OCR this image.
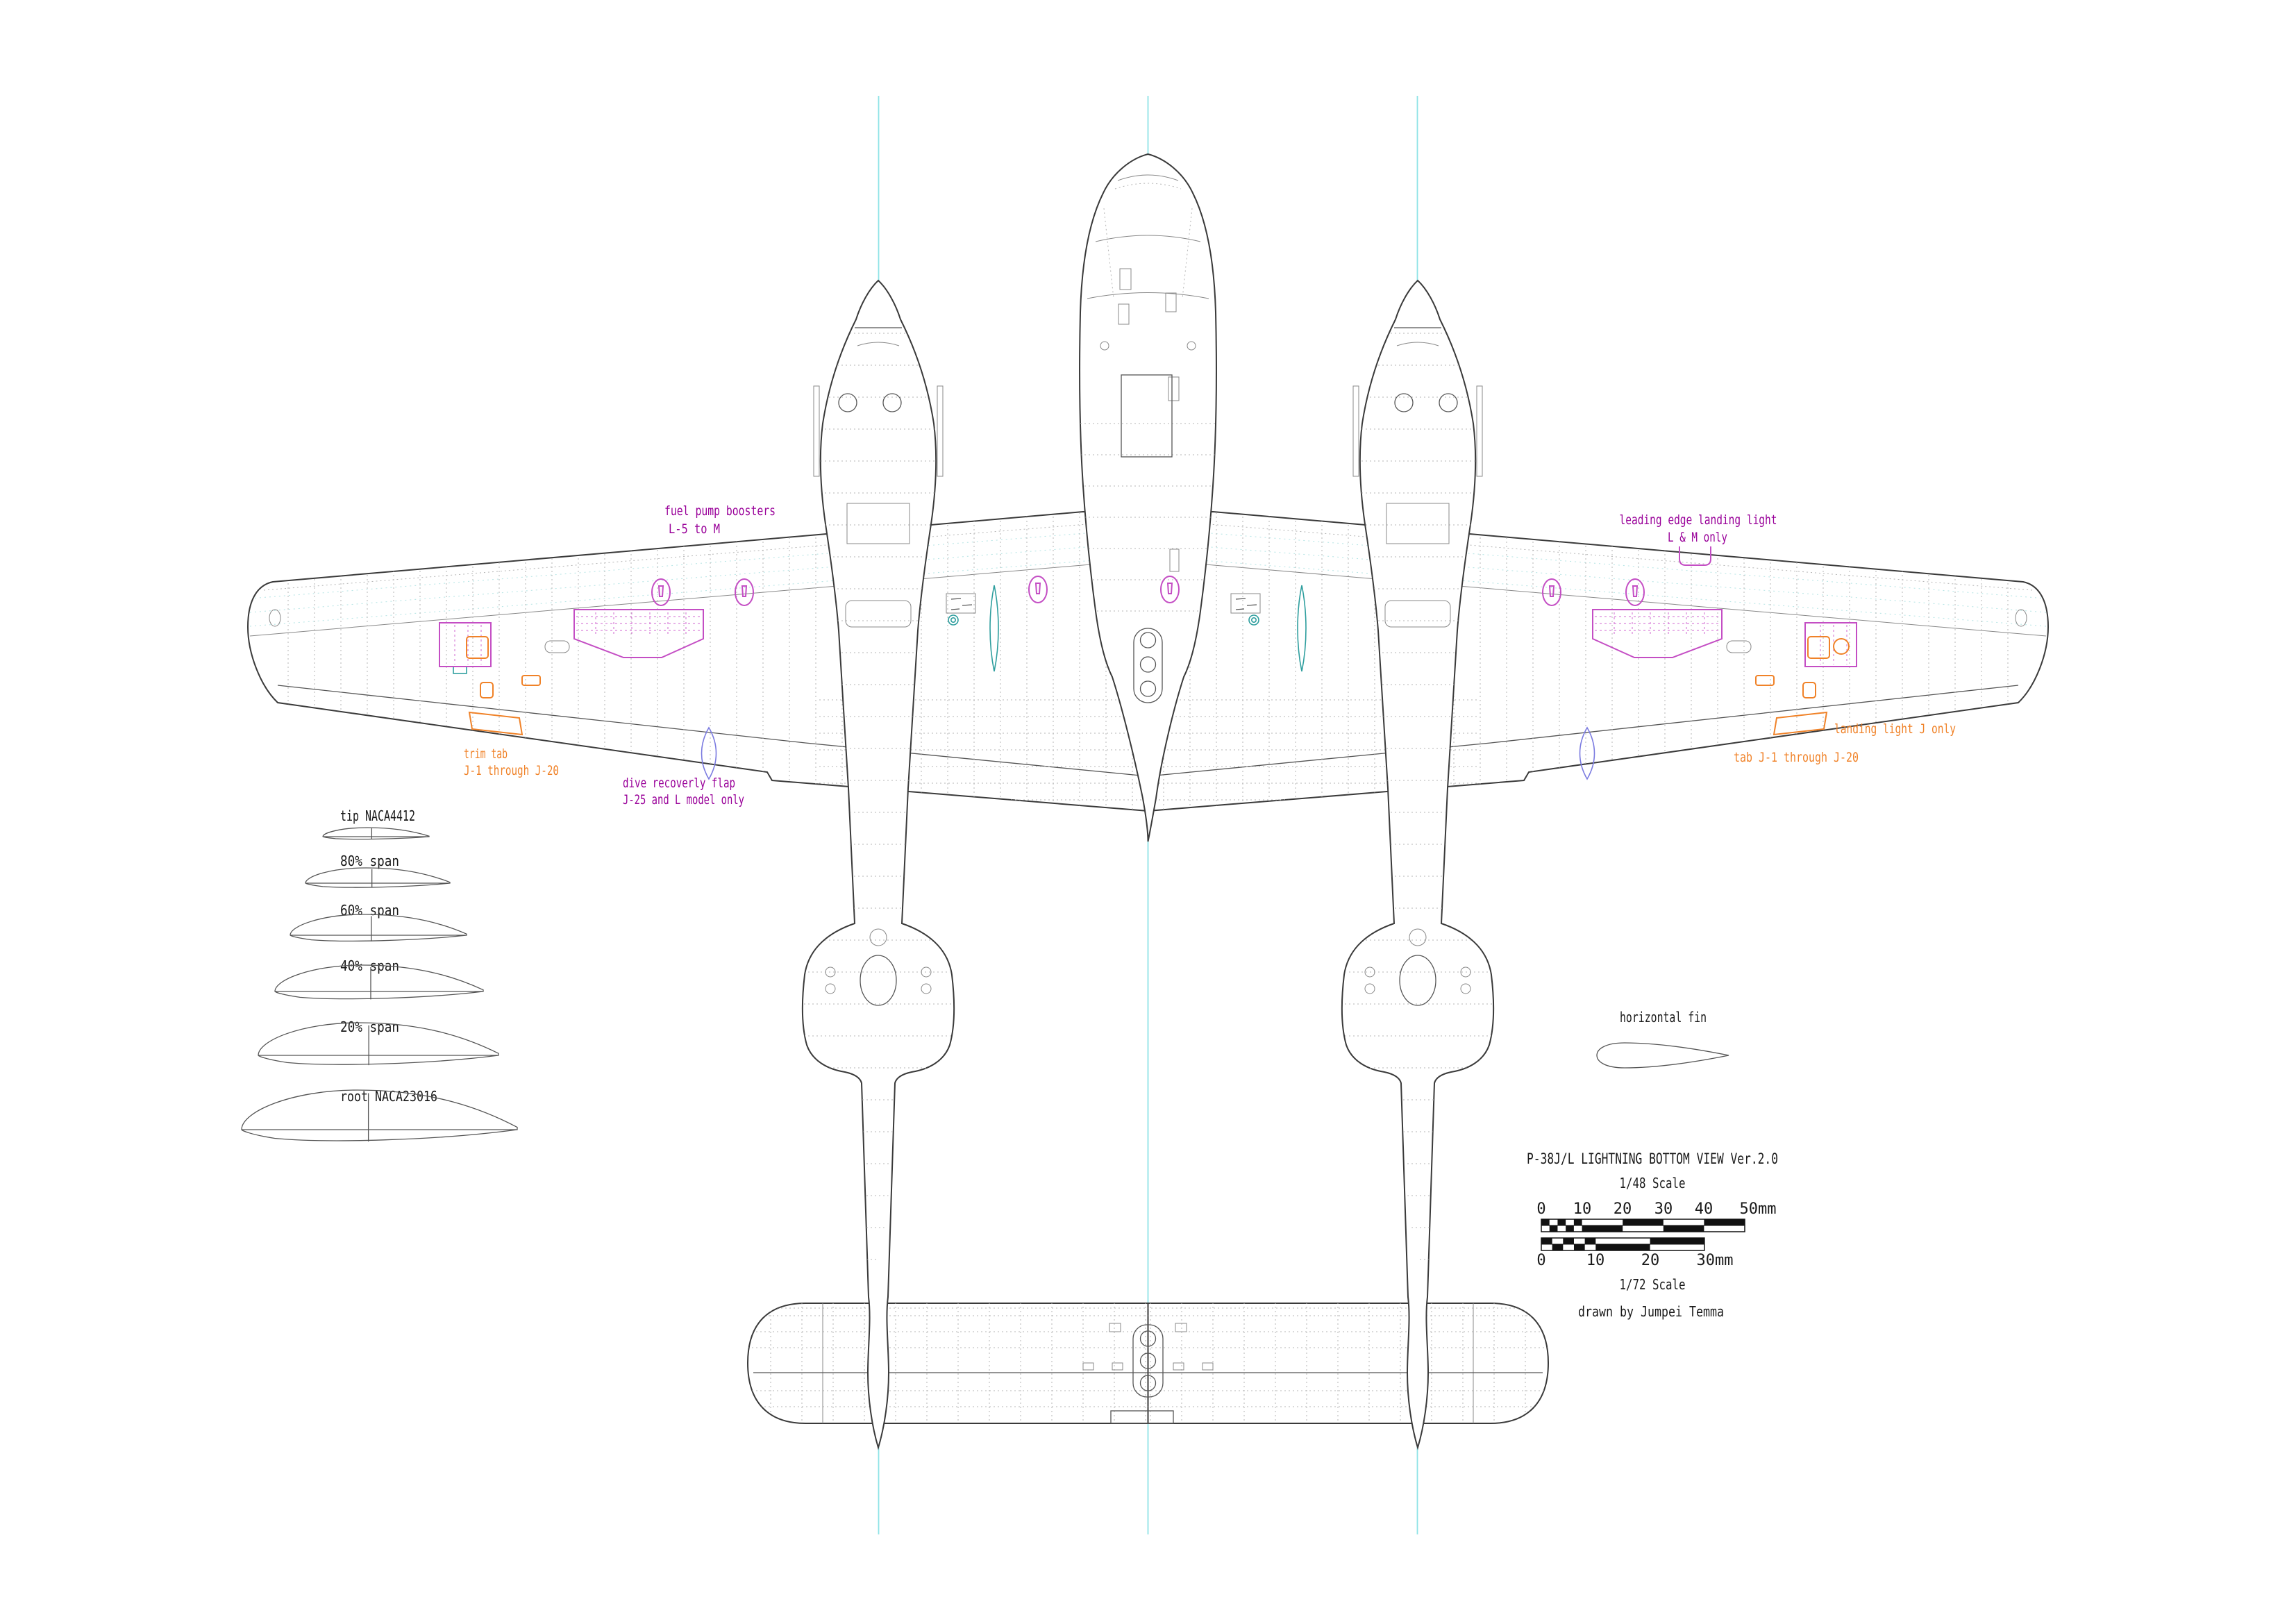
fuel pump boosters
L-5 to M
leading edge landing light
L & M only
trim tab
J-1 through J-20
dive recoverly flap
J-25 and L model only
landing light J only
tab J-1 through J-20
horizontal fin
tip NACA4412
80% span
60% span
40% span
20% span
root NACA23016
P-38J/L LIGHTNING BOTTOM VIEW Ver.2.0
1/48 Scale
0 10 20 30 40 50mm
0	10 20 30mm
1/72 Scale
drawn by Jumpei Temma
